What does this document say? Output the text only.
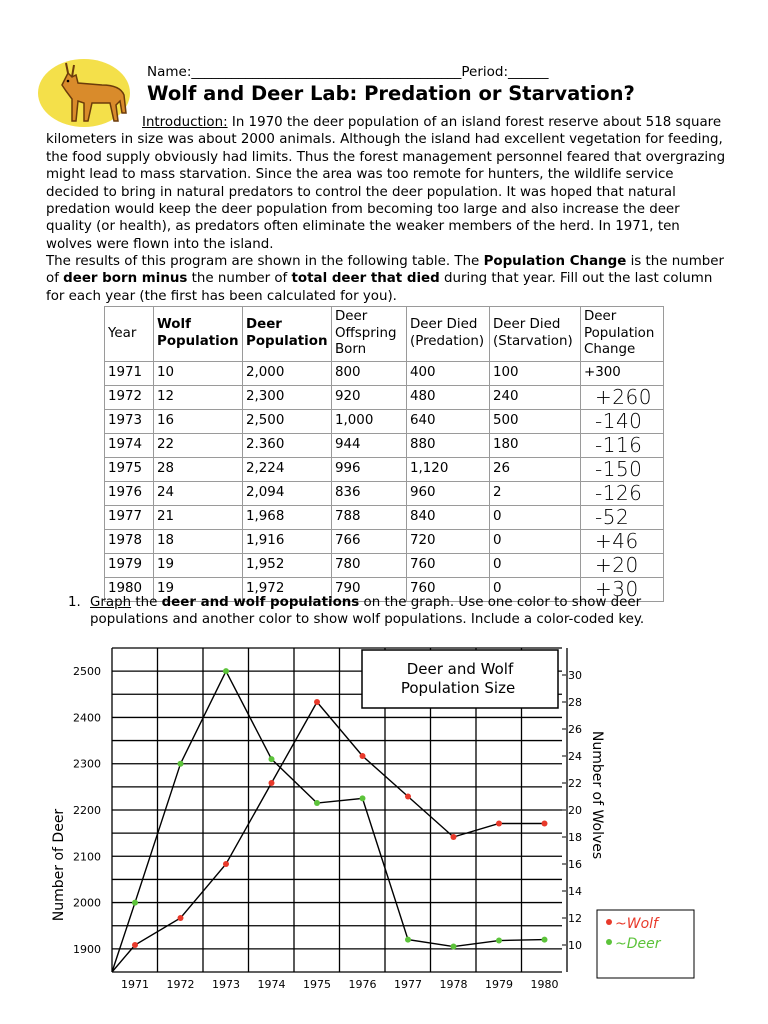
Name:________________________________________Period:______
Wolf and Deer Lab: Predation or Starvation?
Introduction: In 1970 the deer population of an island forest reserve about 518 square kilometers in size was about 2000 animals. Although the island had excellent vegetation for feeding, the food supply obviously had limits. Thus the forest management personnel feared that overgrazing might lead to mass starvation. Since the area was too remote for hunters, the wildlife service decided to bring in natural predators to control the deer population. It was hoped that natural predation would keep the deer population from becoming too large and also increase the deer quality (or health), as predators often eliminate the weaker members of the herd. In 1971, ten wolves were flown into the island.
The results of this program are shown in the following table. The Population Change is the number of deer born minus the number of total deer that died during that year. Fill out the last column for each year (the first has been calculated for you).
Year	Wolf Population	Deer Population	Deer Offspring Born	Deer Died (Predation)	Deer Died (Starvation)	Deer Population Change
1971	10	2,000	800	400	100	+300
1972	12	2,300	920	480	240	+260
1973	16	2,500	1,000	640	500	-140
1974	22	2.360	944	880	180	-116
1975	28	2,224	996	1,120	26	-150
1976	24	2,094	836	960	2	-126
1977	21	1,968	788	840	0	-52
1978	18	1,916	766	720	0	+46
1979	19	1,952	780	760	0	+20
1980	19	1,972	790	760	0	+30
1. Graph the deer and wolf populations on the graph. Use one color to show deer populations and another color to show wolf populations. Include a color-coded key.
Deer and Wolf
Population Size
Number of Deer
Number of Wolves
2500
2400
2300
2200
2100
2000
1900
30
28
26
24
22
20
18
16
14
12
10
1971 1972 1973 1974 1975 1976 1977 1978 1979 1980
~Wolf
~Deer
